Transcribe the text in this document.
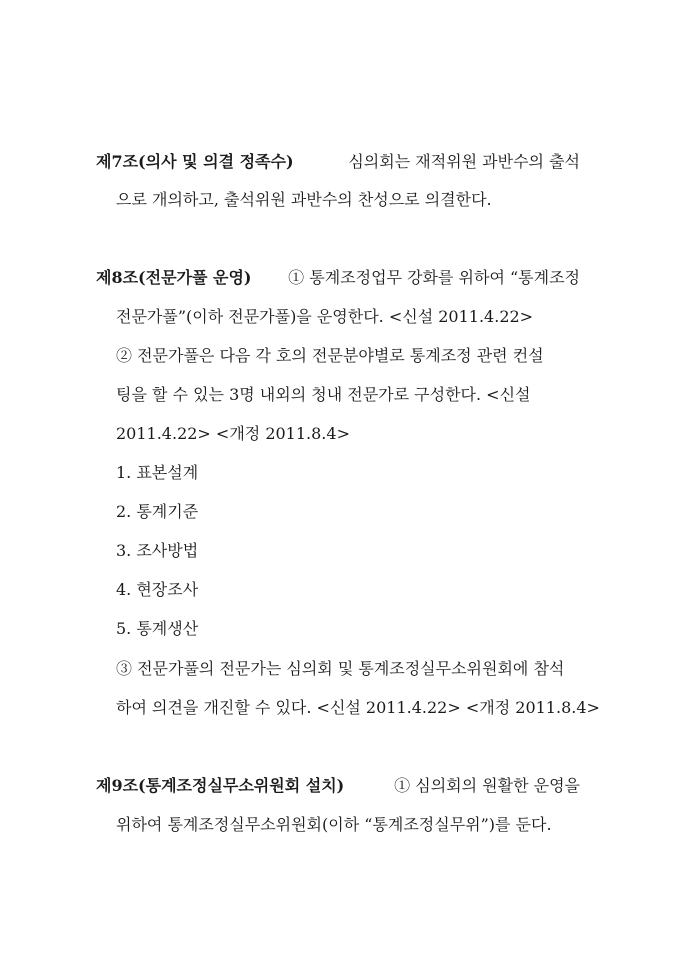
제7조(의사 및 의결 정족수)	심의회는 재적위원 과반수의 출석
으로 개의하고, 출석위원 과반수의 찬성으로 의결한다.
제8조(전문가풀 운영) ① 통계조정업무 강화를 위하여 “통계조정
전문가풀”(이하 전문가풀)을 운영한다. <신설 2011.4.22>
② 전문가풀은 다음 각 호의 전문분야별로 통계조정 관련 컨설
팅을 할 수 있는 3명 내외의 청내 전문가로 구성한다. <신설
2011.4.22> <개정 2011.8.4>
1. 표본설계
2. 통계기준
3. 조사방법
4. 현장조사
5. 통계생산
③ 전문가풀의 전문가는 심의회 및 통계조정실무소위원회에 참석
하여 의견을 개진할 수 있다. <신설 2011.4.22> <개정 2011.8.4>
제9조(통계조정실무소위원회 설치)	① 심의회의 원활한 운영을
위하여 통계조정실무소위원회(이하 “통계조정실무위”)를 둔다.
